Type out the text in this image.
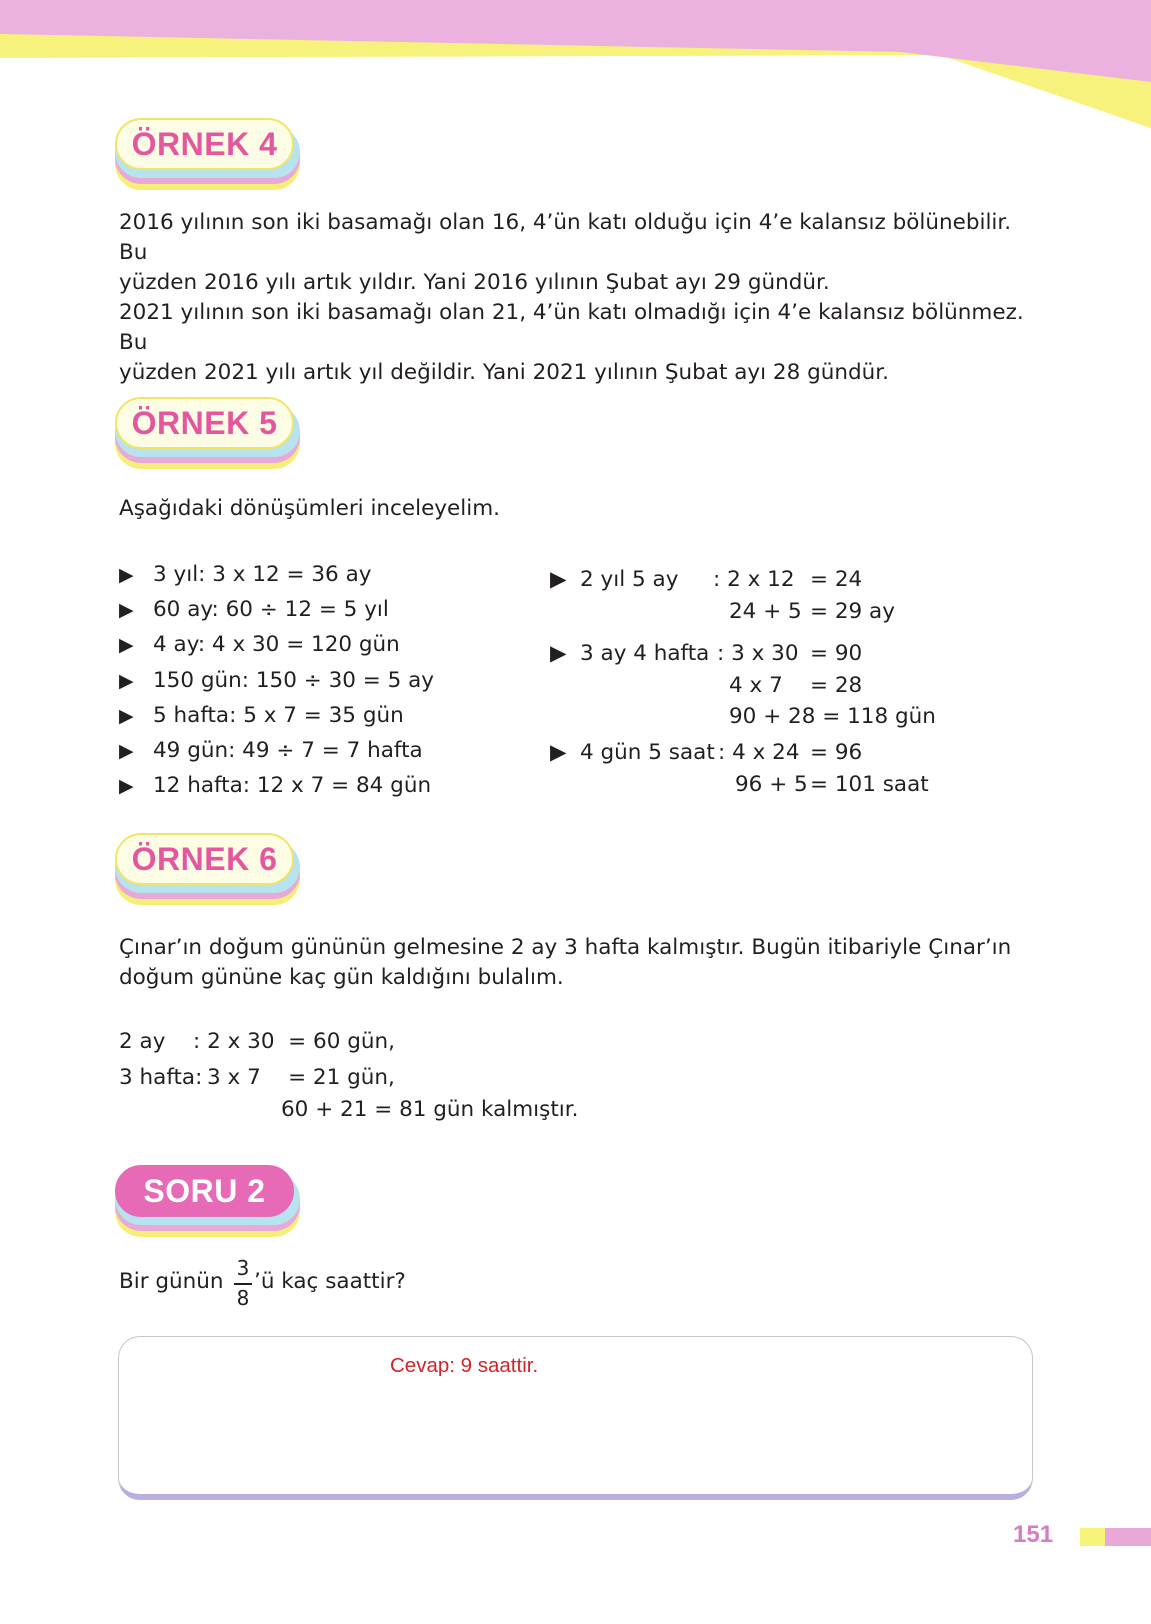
ÖRNEK 4

2016 yılının son iki basamağı olan 16, 4’ün katı olduğu için 4’e kalansız bölünebilir. Bu
yüzden 2016 yılı artık yıldır. Yani 2016 yılının Şubat ayı 29 gündür.

2021 yılının son iki basamağı olan 21, 4’ün katı olmadığı için 4’e kalansız bölünmez. Bu
yüzden 2021 yılı artık yıl değildir. Yani 2021 yılının Şubat ayı 28 gündür.

ÖRNEK 5

Aşağıdaki dönüşümleri inceleyelim.

▶ 3 yıl: 3 x 12 = 36 ay
▶ 60 ay: 60 ÷ 12 = 5 yıl
▶ 4 ay: 4 x 30 = 120 gün
▶ 150 gün: 150 ÷ 30 = 5 ay
▶ 5 hafta: 5 x 7 = 35 gün
▶ 49 gün: 49 ÷ 7 = 7 hafta
▶ 12 hafta: 12 x 7 = 84 gün
▶ 2 yıl 5 ay : 2 x 12 = 24
24 + 5 = 29 ay
▶ 3 ay 4 hafta : 3 x 30 = 90
4 x 7 = 28
90 + 28 = 118 gün
▶ 4 gün 5 saat : 4 x 24 = 96
96 + 5 = 101 saat
ÖRNEK 6

Çınar’ın doğum gününün gelmesine 2 ay 3 hafta kalmıştır. Bugün itibariyle Çınar’ın
doğum gününe kaç gün kaldığını bulalım.

2 ay : 2 x 30  = 60 gün,
3 hafta: 3 x 7    = 21 gün,
60 + 21 = 81 gün kalmıştır.
SORU 2
Bir günün
3
8
’ü kaç saattir?
Cevap: 9 saattir.
151
